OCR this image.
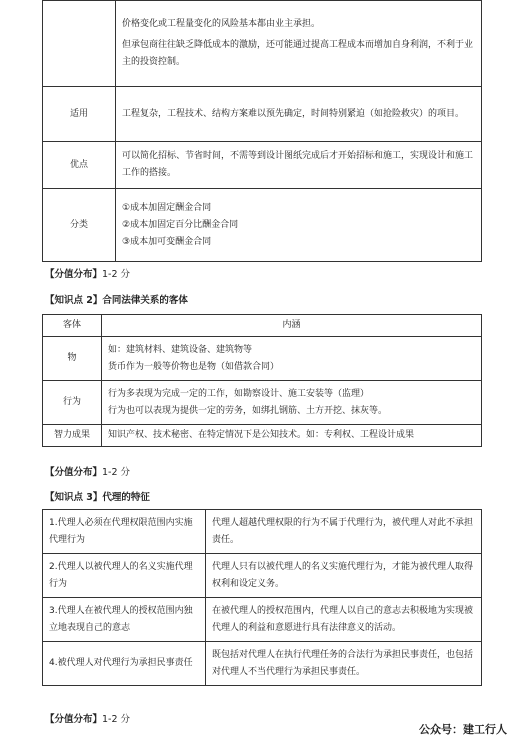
	价格变化或工程量变化的风险基本都由业主承担。
但承包商往往缺乏降低成本的激励，还可能通过提高工程成本而增加自身利润，不利于业主的投资控制。

适用	工程复杂，工程技术、结构方案难以预先确定，时间特别紧迫（如抢险救灾）的项目。
优点	可以简化招标、节省时间，不需等到设计图纸完成后才开始招标和施工，实现设计和施工工作的搭接。
分类	①成本加固定酬金合同
②成本加固定百分比酬金合同
③成本加可变酬金合同
【分值分布】1-2 分
【知识点 2】合同法律关系的客体
客体	内涵
物	如：建筑材料、建筑设备、建筑物等
货币作为一般等价物也是物（如借款合同）

行为	行为多表现为完成一定的工作，如勘察设计、施工安装等（监理）
行为也可以表现为提供一定的劳务，如绑扎钢筋、土方开挖、抹灰等。

智力成果	知识产权、技术秘密、在特定情况下是公知技术。如：专利权、工程设计成果
【分值分布】1-2 分
【知识点 3】代理的特征
1.代理人必须在代理权限范围内实施代理行为	代理人超越代理权限的行为不属于代理行为，被代理人对此不承担责任。
2.代理人以被代理人的名义实施代理行为	代理人只有以被代理人的名义实施代理行为，才能为被代理人取得权利和设定义务。
3.代理人在被代理人的授权范围内独立地表现自己的意志	在被代理人的授权范围内，代理人以自己的意志去积极地为实现被代理人的利益和意愿进行具有法律意义的活动。
4.被代理人对代理行为承担民事责任	既包括对代理人在执行代理任务的合法行为承担民事责任，也包括对代理人不当代理行为承担民事责任。
【分值分布】1-2 分
公众号：建工行人
